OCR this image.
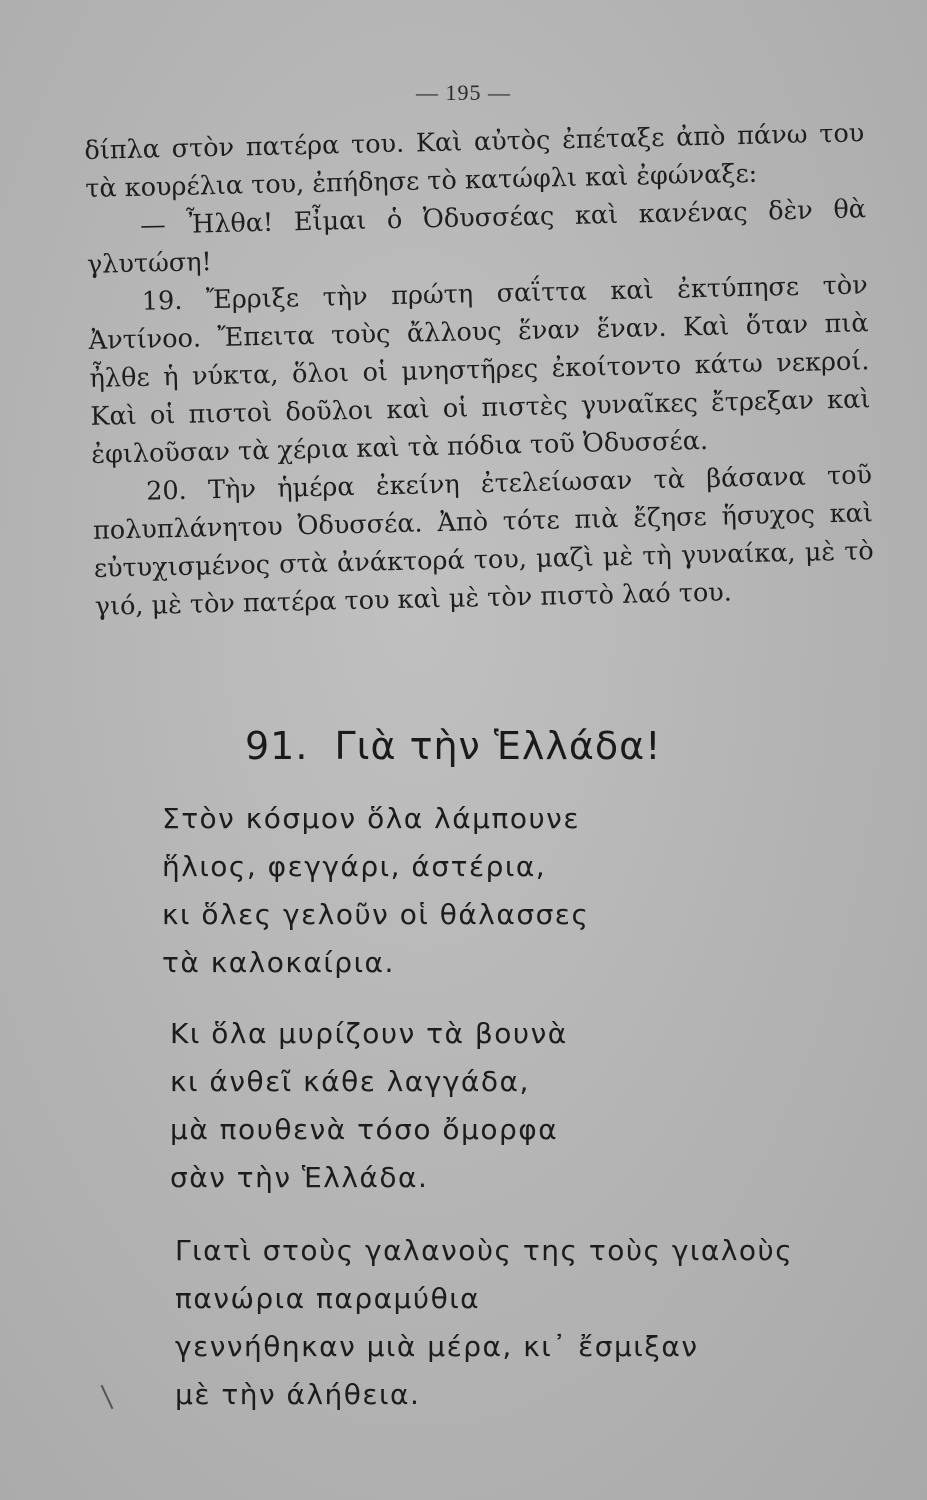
— 195 —

δίπλα στὸν πατέρα του. Καὶ αὐτὸς ἐπέταξε ἀπὸ πάνω του τὰ κουρέλια του, ἐπήδησε τὸ κατώφλι καὶ ἐφώναξε:

— Ἦλθα! Εἶμαι ὁ Ὀδυσσέας καὶ κανένας δὲν θὰ γλυτώση!

19. Ἔρριξε τὴν πρώτη σαΐττα καὶ ἐκτύπησε τὸν Ἀντίνοο. Ἔπειτα τοὺς ἄλλους ἕναν ἕναν. Καὶ ὅταν πιὰ ἦλθε ἡ νύκτα, ὅλοι οἱ μνηστῆρες ἐκοίτοντο κάτω νεκροί. Καὶ οἱ πιστοὶ δοῦλοι καὶ οἱ πιστὲς γυναῖκες ἔτρεξαν καὶ ἐφιλοῦσαν τὰ χέρια καὶ τὰ πόδια τοῦ Ὀδυσσέα.

20. Τὴν ἡμέρα ἐκείνη ἐτελείωσαν τὰ βάσανα τοῦ πολυπλάνητου Ὀδυσσέα. Ἀπὸ τότε πιὰ ἔζησε ἥσυχος καὶ εὐτυχισμένος στὰ ἀνάκτορά του, μαζὶ μὲ τὴ γυναίκα, μὲ τὸ γιό, μὲ τὸν πατέρα του καὶ μὲ τὸν πιστὸ λαό του.

91. Γιὰ τὴν Ἑλλάδα!
Στὸν κόσμον ὅλα λάμπουνε
ἥλιος, φεγγάρι, άστέρια,
κι ὅλες γελοῦν οἱ θάλασσες
τὰ καλοκαίρια.
Κι ὅλα μυρίζουν τὰ βουνὰ
κι άνθεῖ κάθε λαγγάδα,
μὰ πουθενὰ τόσο ὄμορφα
σὰν τὴν Ἑλλάδα.
Γιατὶ στοὺς γαλανοὺς της τοὺς γιαλοὺς
πανώρια παραμύθια
γεννήθηκαν μιὰ μέρα, κι᾽ ἔσμιξαν
μὲ τὴν άλήθεια.
